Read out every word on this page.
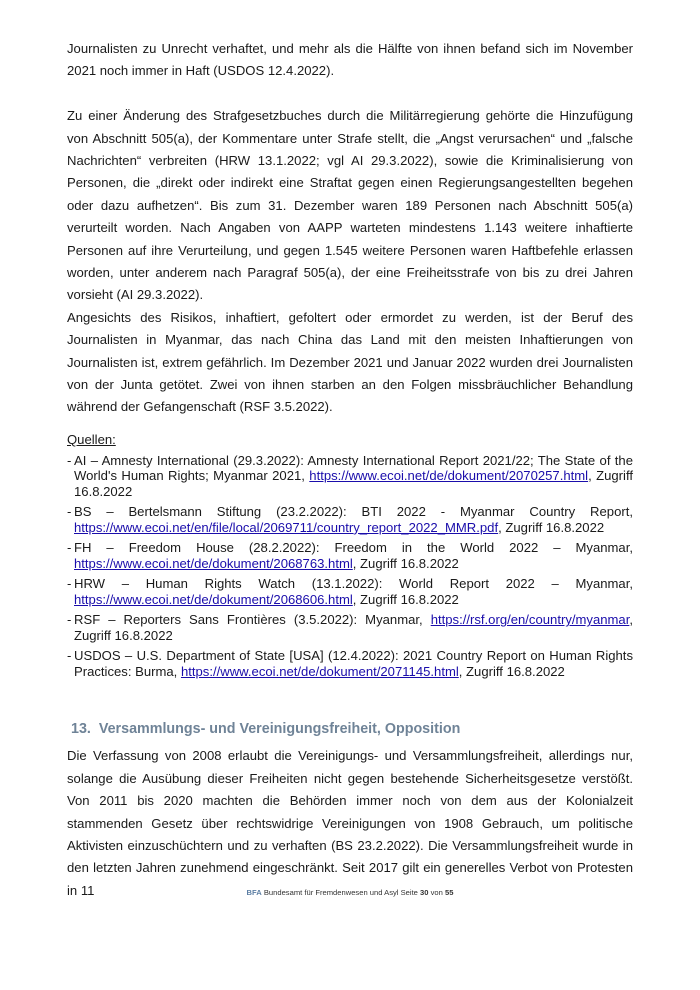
Journalisten zu Unrecht verhaftet, und mehr als die Hälfte von ihnen befand sich im November 2021 noch immer in Haft (USDOS 12.4.2022).

Zu einer Änderung des Strafgesetzbuches durch die Militärregierung gehörte die Hinzufügung von Abschnitt 505(a), der Kommentare unter Strafe stellt, die „Angst verursachen“ und „falsche Nachrichten“ verbreiten (HRW 13.1.2022; vgl AI 29.3.2022), sowie die Kriminalisierung von Personen, die „direkt oder indirekt eine Straftat gegen einen Regierungsangestellten begehen oder dazu aufhetzen“. Bis zum 31. Dezember waren 189 Personen nach Abschnitt 505(a) verurteilt worden. Nach Angaben von AAPP warteten mindestens 1.143 weitere inhaftierte Personen auf ihre Verurteilung, und gegen 1.545 weitere Personen waren Haftbefehle erlassen worden, unter anderem nach Paragraf 505(a), der eine Freiheitsstrafe von bis zu drei Jahren vorsieht (AI 29.3.2022).

Angesichts des Risikos, inhaftiert, gefoltert oder ermordet zu werden, ist der Beruf des Journalisten in Myanmar, das nach China das Land mit den meisten Inhaftierungen von Journalisten ist, extrem gefährlich. Im Dezember 2021 und Januar 2022 wurden drei Journalisten von der Junta getötet. Zwei von ihnen starben an den Folgen missbräuchlicher Behandlung während der Gefangenschaft (RSF 3.5.2022).

Quellen:
- AI – Amnesty International (29.3.2022): Amnesty International Report 2021/22; The State of the World's Human Rights; Myanmar 2021, https://www.ecoi.net/de/dokument/2070257.html, Zugriff 16.8.2022
- BS – Bertelsmann Stiftung (23.2.2022): BTI 2022 - Myanmar Country Report, https://www.ecoi.net/en/file/local/2069711/country_report_2022_MMR.pdf, Zugriff 16.8.2022
- FH – Freedom House (28.2.2022): Freedom in the World 2022 – Myanmar, https://www.ecoi.net/de/dokument/2068763.html, Zugriff 16.8.2022
- HRW – Human Rights Watch (13.1.2022): World Report 2022 – Myanmar, https://www.ecoi.net/de/dokument/2068606.html, Zugriff 16.8.2022
- RSF – Reporters Sans Frontières (3.5.2022): Myanmar, https://rsf.org/en/country/myanmar, Zugriff 16.8.2022
- USDOS – U.S. Department of State [USA] (12.4.2022): 2021 Country Report on Human Rights Practices: Burma, https://www.ecoi.net/de/dokument/2071145.html, Zugriff 16.8.2022
13. Versammlungs- und Vereinigungsfreiheit, Opposition

Die Verfassung von 2008 erlaubt die Vereinigungs- und Versammlungsfreiheit, allerdings nur, solange die Ausübung dieser Freiheiten nicht gegen bestehende Sicherheitsgesetze verstößt. Von 2011 bis 2020 machten die Behörden immer noch von dem aus der Kolonialzeit stammenden Gesetz über rechtswidrige Vereinigungen von 1908 Gebrauch, um politische Aktivisten einzuschüchtern und zu verhaften (BS 23.2.2022). Die Versammlungsfreiheit wurde in den letzten Jahren zunehmend eingeschränkt. Seit 2017 gilt ein generelles Verbot von Protesten in 11	BFA Bundesamt für Fremdenwesen und Asyl Seite 30 von 55
